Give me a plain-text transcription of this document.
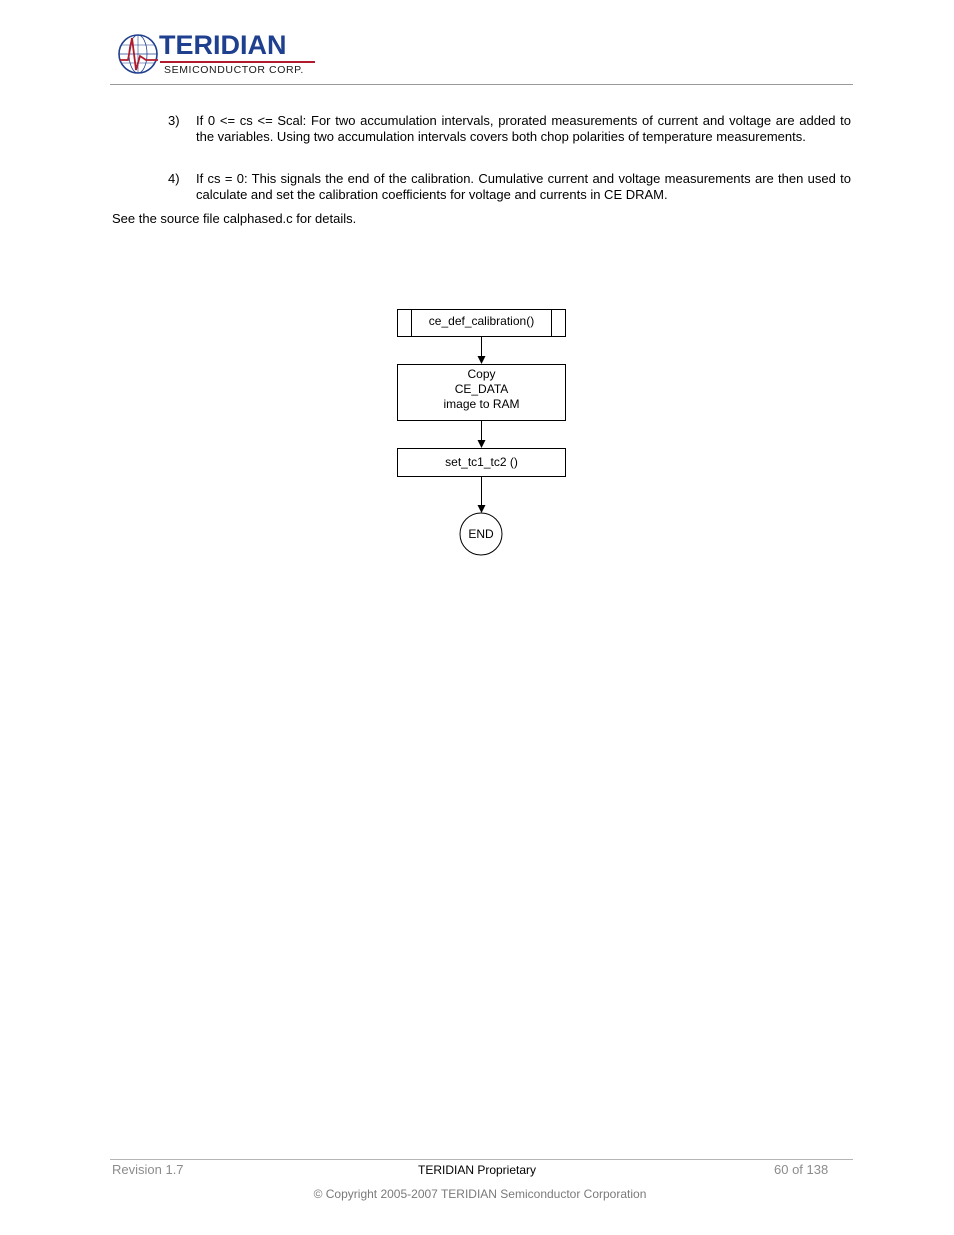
TERIDIAN
SEMICONDUCTOR CORP.
3) If 0 <= cs <= Scal: For two accumulation intervals, prorated measurements of current and voltage are added to the variables. Using two accumulation intervals covers both chop polarities of temperature measurements.
4) If cs = 0: This signals the end of the calibration. Cumulative current and voltage measurements are then used to calculate and set the calibration coefficients for voltage and currents in CE DRAM.
See the source file calphased.c for details.
ce_def_calibration()
Copy
CE_DATA
image to RAM
set_tc1_tc2 ()
END
Revision 1.7	TERIDIAN Proprietary	60 of 138
© Copyright 2005-2007 TERIDIAN Semiconductor Corporation
